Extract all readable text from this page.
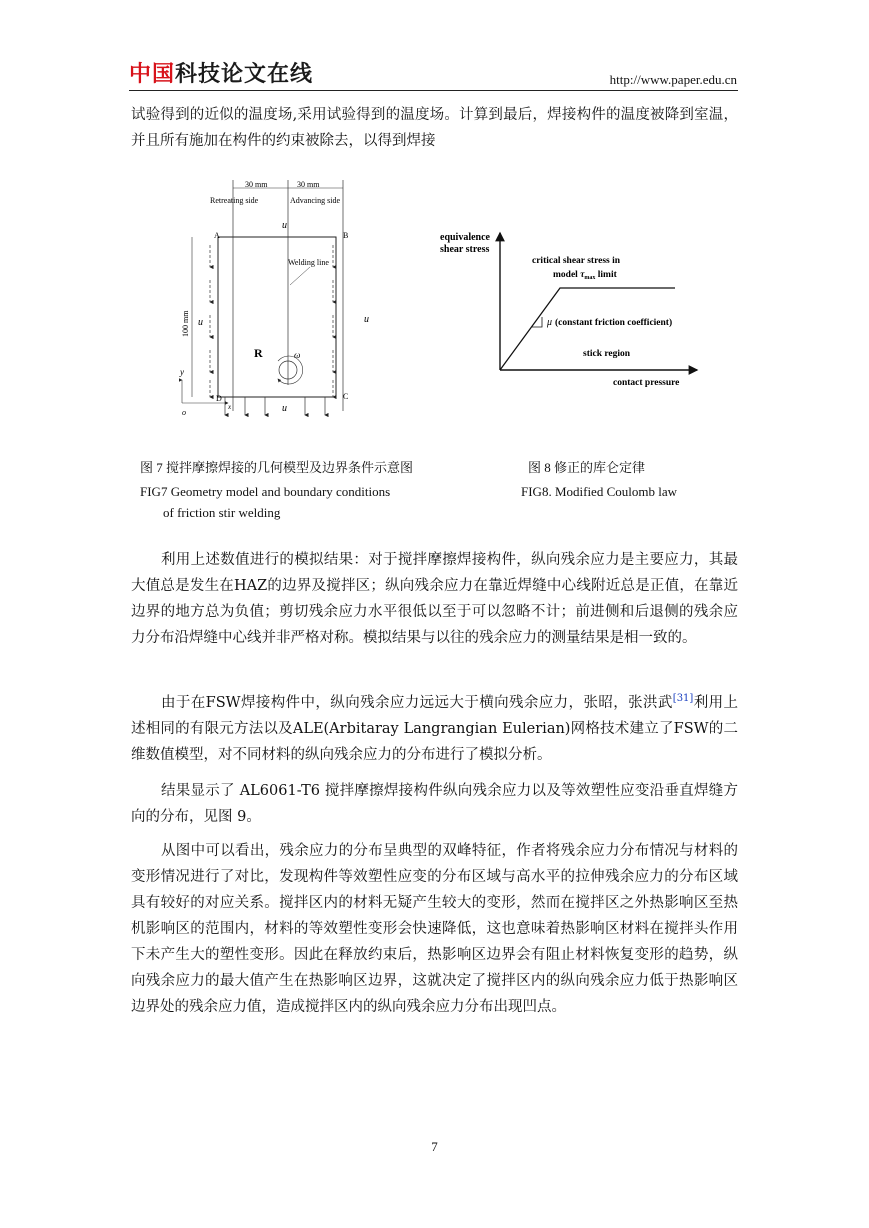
中国科技论文在线	http://www.paper.edu.cn
试验得到的近似的温度场,采用试验得到的温度场。计算到最后，焊接构件的温度被降到室温，并且所有施加在构件的约束被除去，以得到焊接
30 mm	30 mm
Retreating side	Advancing side
u
A	B
C
D
Welding line
u	u
u
100 mm
R	ω
y
x
o
equivalence
shear stress
critical shear stress in
model $\tau_{max}$ limit
μ (constant friction coefficient)
stick region
contact pressure
图 7 搅拌摩擦焊接的几何模型及边界条件示意图
FIG7 Geometry model and boundary conditions
of friction stir welding
图 8 修正的库仑定律
FIG8. Modified Coulomb law
利用上述数值进行的模拟结果：对于搅拌摩擦焊接构件，纵向残余应力是主要应力，其最大值总是发生在HAZ的边界及搅拌区；纵向残余应力在靠近焊缝中心线附近总是正值，在靠近边界的地方总为负值；剪切残余应力水平很低以至于可以忽略不计；前进侧和后退侧的残余应力分布沿焊缝中心线并非严格对称。模拟结果与以往的残余应力的测量结果是相一致的。
由于在FSW焊接构件中，纵向残余应力远远大于横向残余应力，张昭，张洪武[31]利用上述相同的有限元方法以及ALE(Arbitaray Langrangian Eulerian)网格技术建立了FSW的二维数值模型，对不同材料的纵向残余应力的分布进行了模拟分析。
结果显示了 AL6061-T6 搅拌摩擦焊接构件纵向残余应力以及等效塑性应变沿垂直焊缝方向的分布，见图 9。
从图中可以看出，残余应力的分布呈典型的双峰特征，作者将残余应力分布情况与材料的变形情况进行了对比，发现构件等效塑性应变的分布区域与高水平的拉伸残余应力的分布区域具有较好的对应关系。搅拌区内的材料无疑产生较大的变形，然而在搅拌区之外热影响区至热机影响区的范围内，材料的等效塑性变形会快速降低，这也意味着热影响区材料在搅拌头作用下未产生大的塑性变形。因此在释放约束后，热影响区边界会有阻止材料恢复变形的趋势，纵向残余应力的最大值产生在热影响区边界，这就决定了搅拌区内的纵向残余应力低于热影响区边界处的残余应力值，造成搅拌区内的纵向残余应力分布出现凹点。
7
